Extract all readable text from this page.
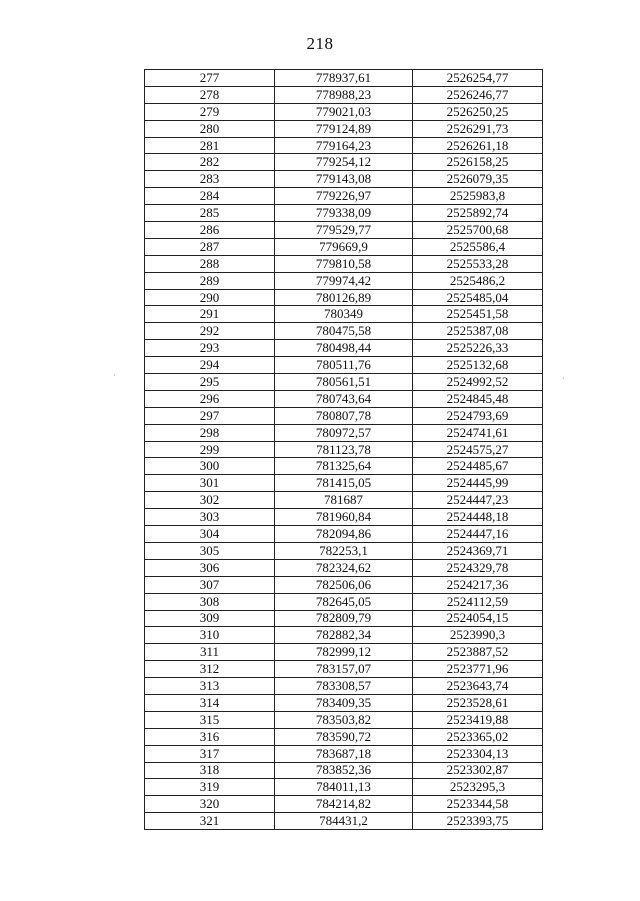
218
277	778937,61	2526254,77
278	778988,23	2526246,77
279	779021,03	2526250,25
280	779124,89	2526291,73
281	779164,23	2526261,18
282	779254,12	2526158,25
283	779143,08	2526079,35
284	779226,97	2525983,8
285	779338,09	2525892,74
286	779529,77	2525700,68
287	779669,9	2525586,4
288	779810,58	2525533,28
289	779974,42	2525486,2
290	780126,89	2525485,04
291	780349	2525451,58
292	780475,58	2525387,08
293	780498,44	2525226,33
294	780511,76	2525132,68
295	780561,51	2524992,52
296	780743,64	2524845,48
297	780807,78	2524793,69
298	780972,57	2524741,61
299	781123,78	2524575,27
300	781325,64	2524485,67
301	781415,05	2524445,99
302	781687	2524447,23
303	781960,84	2524448,18
304	782094,86	2524447,16
305	782253,1	2524369,71
306	782324,62	2524329,78
307	782506,06	2524217,36
308	782645,05	2524112,59
309	782809,79	2524054,15
310	782882,34	2523990,3
311	782999,12	2523887,52
312	783157,07	2523771,96
313	783308,57	2523643,74
314	783409,35	2523528,61
315	783503,82	2523419,88
316	783590,72	2523365,02
317	783687,18	2523304,13
318	783852,36	2523302,87
319	784011,13	2523295,3
320	784214,82	2523344,58
321	784431,2	2523393,75
·	·
